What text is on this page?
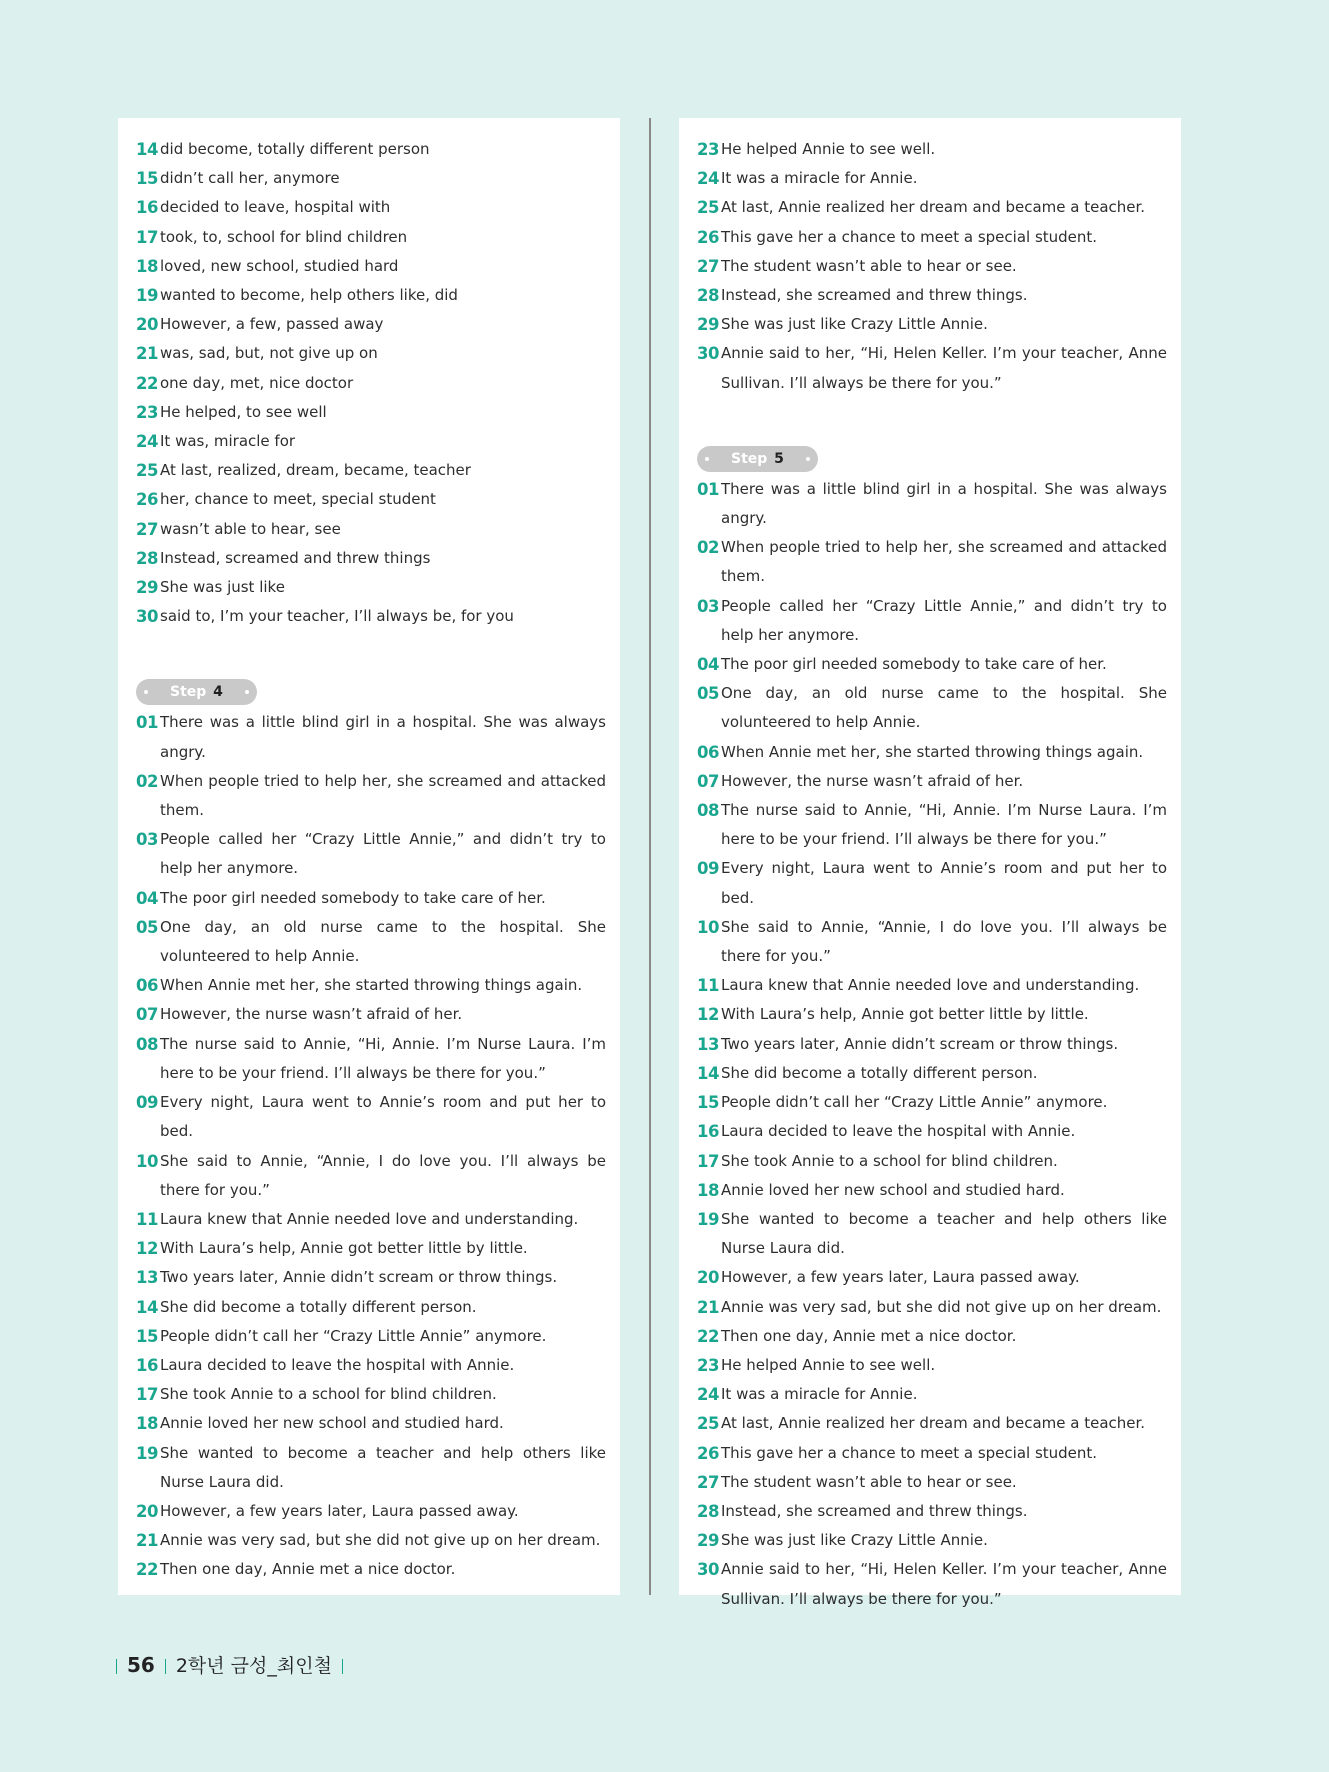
14 did become, totally different person
15 didn’t call her, anymore
16 decided to leave, hospital with
17 took, to, school for blind children
18 loved, new school, studied hard
19 wanted to become, help others like, did
20 However, a few, passed away
21 was, sad, but, not give up on
22 one day, met, nice doctor
23 He helped, to see well
24 It was, miracle for
25 At last, realized, dream, became, teacher
26 her, chance to meet, special student
27 wasn’t able to hear, see
28 Instead, screamed and threw things
29 She was just like
30 said to, I’m your teacher, I’ll always be, for you
Step 4
01 There was a little blind girl in a hospital. She was always angry.
02 When people tried to help her, she screamed and attacked them.
03 People called her “Crazy Little Annie,” and didn’t try to help her anymore.
04 The poor girl needed somebody to take care of her.
05 One day, an old nurse came to the hospital. She volunteered to help Annie.
06 When Annie met her, she started throwing things again.
07 However, the nurse wasn’t afraid of her.
08 The nurse said to Annie, “Hi, Annie. I’m Nurse Laura. I’m here to be your friend. I’ll always be there for you.”
09 Every night, Laura went to Annie’s room and put her to bed.
10 She said to Annie, “Annie, I do love you. I’ll always be there for you.”
11 Laura knew that Annie needed love and understanding.
12 With Laura’s help, Annie got better little by little.
13 Two years later, Annie didn’t scream or throw things.
14 She did become a totally different person.
15 People didn’t call her “Crazy Little Annie” anymore.
16 Laura decided to leave the hospital with Annie.
17 She took Annie to a school for blind children.
18 Annie loved her new school and studied hard.
19 She wanted to become a teacher and help others like Nurse Laura did.
20 However, a few years later, Laura passed away.
21 Annie was very sad, but she did not give up on her dream.
22 Then one day, Annie met a nice doctor.
23 He helped Annie to see well.
24 It was a miracle for Annie.
25 At last, Annie realized her dream and became a teacher.
26 This gave her a chance to meet a special student.
27 The student wasn’t able to hear or see.
28 Instead, she screamed and threw things.
29 She was just like Crazy Little Annie.
30 Annie said to her, “Hi, Helen Keller. I’m your teacher, Anne Sullivan. I’ll always be there for you.”
Step 5
01 There was a little blind girl in a hospital. She was always angry.
02 When people tried to help her, she screamed and attacked them.
03 People called her “Crazy Little Annie,” and didn’t try to help her anymore.
04 The poor girl needed somebody to take care of her.
05 One day, an old nurse came to the hospital. She volunteered to help Annie.
06 When Annie met her, she started throwing things again.
07 However, the nurse wasn’t afraid of her.
08 The nurse said to Annie, “Hi, Annie. I’m Nurse Laura. I’m here to be your friend. I’ll always be there for you.”
09 Every night, Laura went to Annie’s room and put her to bed.
10 She said to Annie, “Annie, I do love you. I’ll always be there for you.”
11 Laura knew that Annie needed love and understanding.
12 With Laura’s help, Annie got better little by little.
13 Two years later, Annie didn’t scream or throw things.
14 She did become a totally different person.
15 People didn’t call her “Crazy Little Annie” anymore.
16 Laura decided to leave the hospital with Annie.
17 She took Annie to a school for blind children.
18 Annie loved her new school and studied hard.
19 She wanted to become a teacher and help others like Nurse Laura did.
20 However, a few years later, Laura passed away.
21 Annie was very sad, but she did not give up on her dream.
22 Then one day, Annie met a nice doctor.
23 He helped Annie to see well.
24 It was a miracle for Annie.
25 At last, Annie realized her dream and became a teacher.
26 This gave her a chance to meet a special student.
27 The student wasn’t able to hear or see.
28 Instead, she screamed and threw things.
29 She was just like Crazy Little Annie.
30 Annie said to her, “Hi, Helen Keller. I’m your teacher, Anne Sullivan. I’ll always be there for you.”
56 2학년 금성_최인철
